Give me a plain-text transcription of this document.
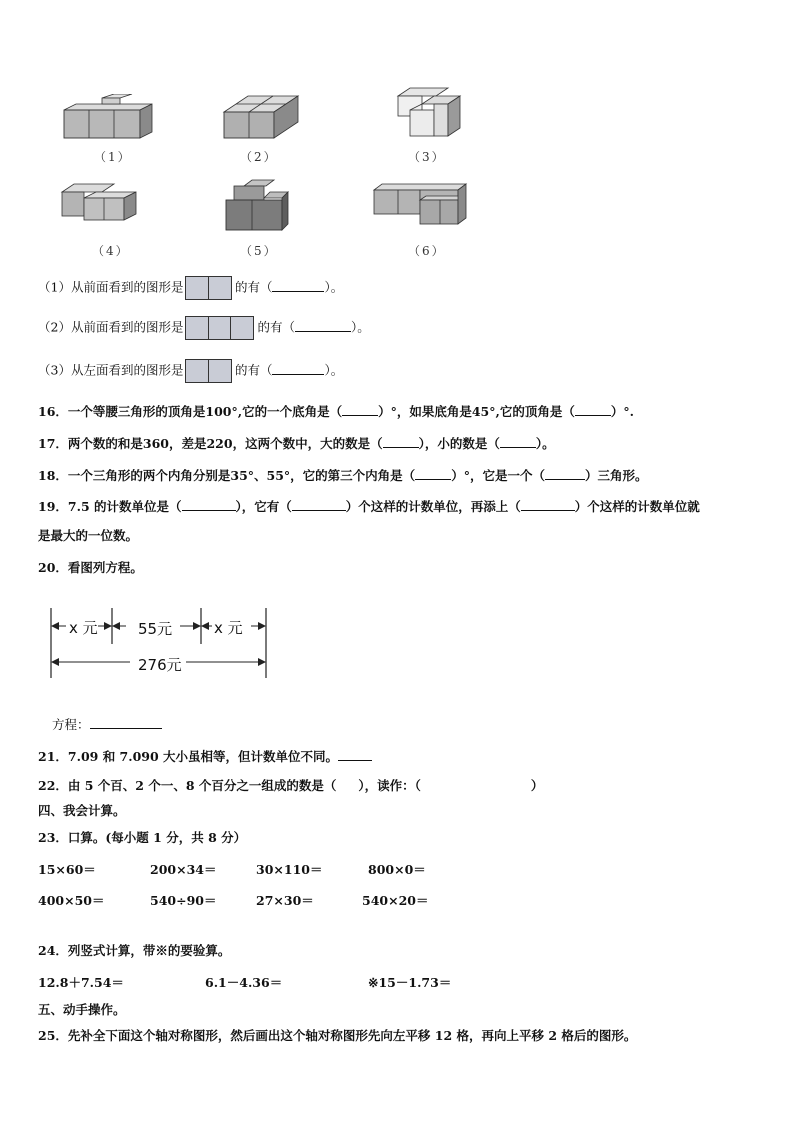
（1）	（2）	（3）
（4）	（5）	（6）
（1）从前面看到的图形是	的有（	）。
（2）从前面看到的图形是	的有（	）。
（3）从左面看到的图形是	的有（	）。
16．一个等腰三角形的顶角是100°,它的一个底角是（	）°，如果底角是45°,它的顶角是（	）°.
17．两个数的和是360，差是220，这两个数中，大的数是（	），小的数是（	）。
18．一个三角形的两个内角分别是35°、55°，它的第三个内角是（	）°，它是一个（	）三角形。
19．7.5 的计数单位是（	），它有（	）个这样的计数单位，再添上（	）个这样的计数单位就
是最大的一位数。
20．看图列方程。
x 元	55元	x 元
276元
方程：
21．7.09 和 7.090 大小虽相等，但计数单位不同。
22．由 5 个百、2 个一、8 个百分之一组成的数是（ ），读作：（	）
四、我会计算。
23．口算。(每小题 1 分，共 8 分）
15×60＝	200×34＝	30×110＝	800×0＝
400×50＝	540÷90＝	27×30＝	540×20＝
24．列竖式计算，带※的要验算。
12.8＋7.54＝	6.1－4.36＝	※15－1.73＝
五、动手操作。
25．先补全下面这个轴对称图形，然后画出这个轴对称图形先向左平移 12 格，再向上平移 2 格后的图形。
